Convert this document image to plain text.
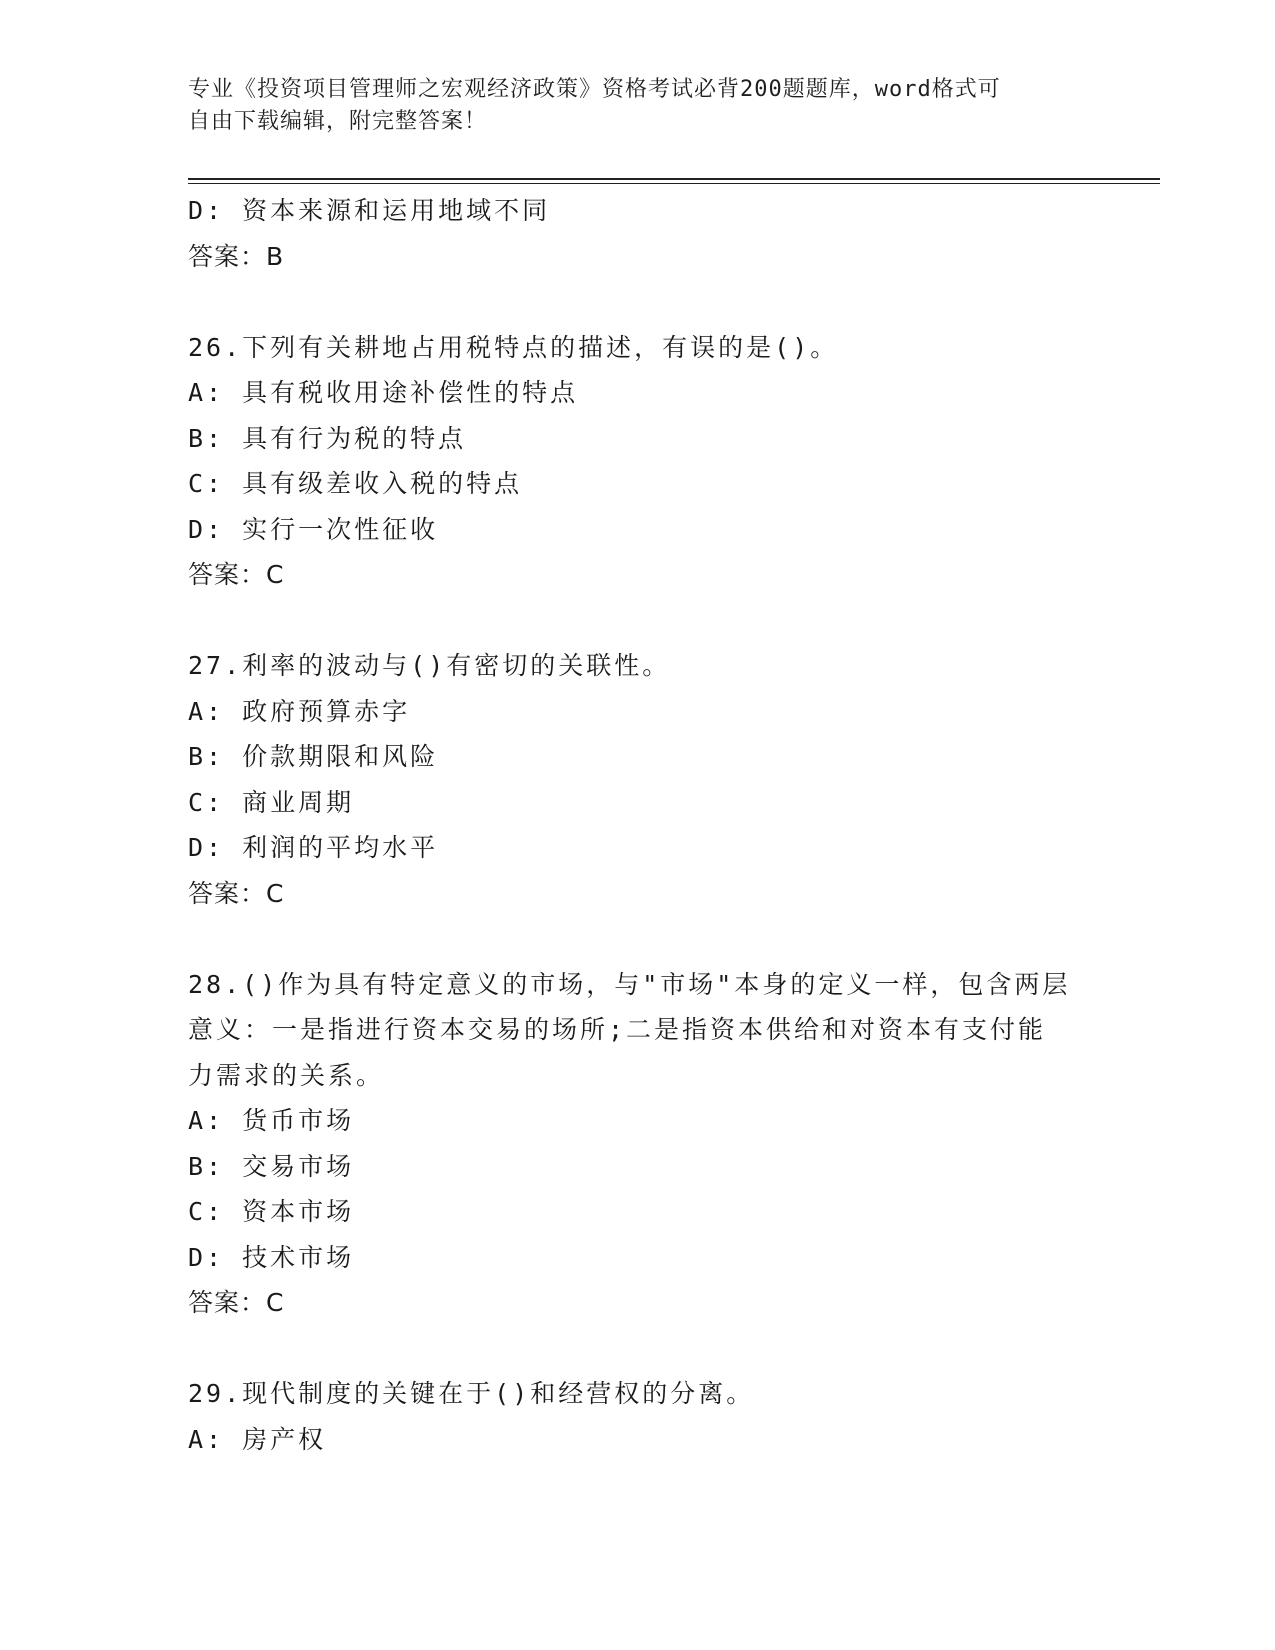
专业《投资项目管理师之宏观经济政策》资格考试必背200题题库，word格式可
自由下载编辑，附完整答案！

D: 资本来源和运用地域不同

答案：B

26.下列有关耕地占用税特点的描述，有误的是()。

A: 具有税收用途补偿性的特点

B: 具有行为税的特点

C: 具有级差收入税的特点

D: 实行一次性征收

答案：C

27.利率的波动与()有密切的关联性。

A: 政府预算赤字

B: 价款期限和风险

C: 商业周期

D: 利润的平均水平

答案：C

28.()作为具有特定意义的市场，与"市场"本身的定义一样，包含两层

意义：一是指进行资本交易的场所;二是指资本供给和对资本有支付能

力需求的关系。

A: 货币市场

B: 交易市场

C: 资本市场

D: 技术市场

答案：C

29.现代制度的关键在于()和经营权的分离。

A: 房产权
